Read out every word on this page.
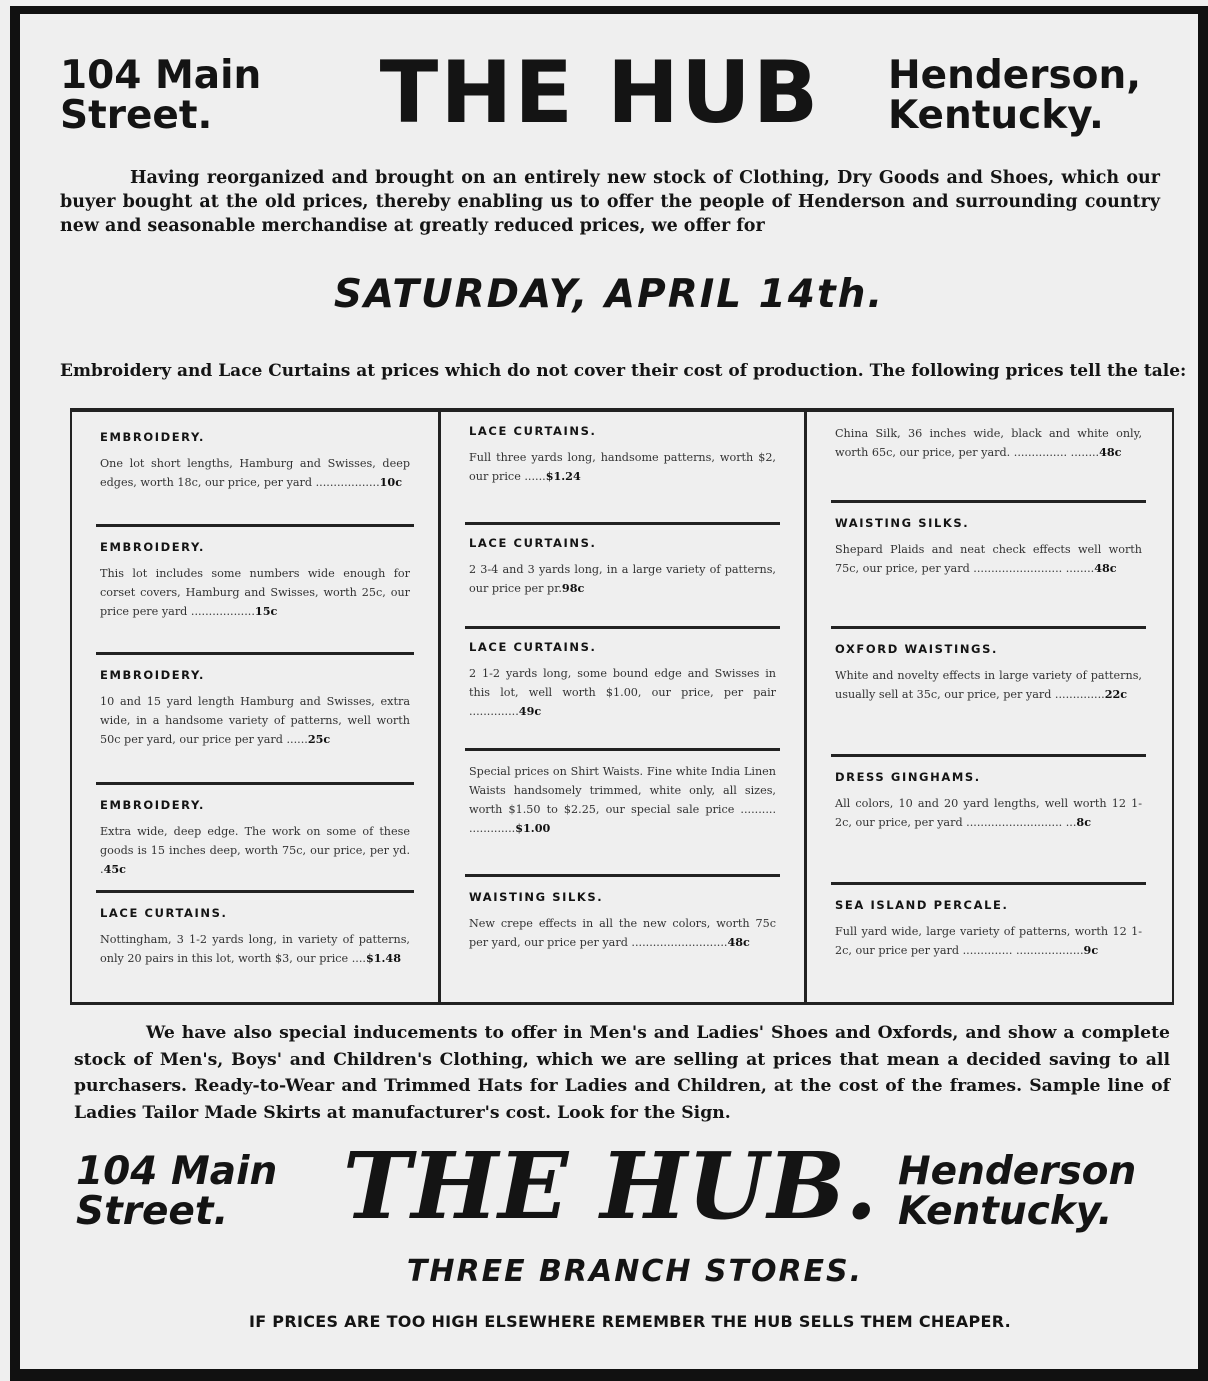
104 Main Street.	THE HUB	Henderson, Kentucky.
Having reorganized and brought on an entirely new stock of Clothing, Dry Goods and Shoes, which our buyer bought at the old prices, thereby enabling us to offer the people of Henderson and surrounding country new and seasonable merchandise at greatly reduced prices, we offer for
SATURDAY, APRIL 14th.
Embroidery and Lace Curtains at prices which do not cover their cost of production. The following prices tell the tale:
EMBROIDERY.
One lot short lengths, Hamburg and Swisses, deep edges, worth 18c, our price, per yard ..................10c
EMBROIDERY.
This lot includes some numbers wide enough for corset covers, Hamburg and Swisses, worth 25c, our price pere yard ..................15c
EMBROIDERY.
10 and 15 yard length Hamburg and Swisses, extra wide, in a handsome variety of patterns, well worth 50c per yard, our price per yard ......25c
EMBROIDERY.
Extra wide, deep edge. The work on some of these goods is 15 inches deep, worth 75c, our price, per yd. .45c
LACE CURTAINS.
Nottingham, 3 1-2 yards long, in variety of patterns, only 20 pairs in this lot, worth $3, our price ....$1.48
LACE CURTAINS.
Full three yards long, handsome patterns, worth $2, our price ......$1.24
LACE CURTAINS.
2 3-4 and 3 yards long, in a large variety of patterns, our price per pr.98c
LACE CURTAINS.
2 1-2 yards long, some bound edge and Swisses in this lot, well worth $1.00, our price, per pair ..............49c
Special prices on Shirt Waists. Fine white India Linen Waists handsomely trimmed, white only, all sizes, worth $1.50 to $2.25, our special sale price .......... .............$1.00
WAISTING SILKS.
New crepe effects in all the new colors, worth 75c per yard, our price per yard ...........................48c
China Silk, 36 inches wide, black and white only, worth 65c, our price, per yard. ............... ........48c
WAISTING SILKS.
Shepard Plaids and neat check effects well worth 75c, our price, per yard ......................... ........48c
OXFORD WAISTINGS.
White and novelty effects in large variety of patterns, usually sell at 35c, our price, per yard ..............22c
DRESS GINGHAMS.
All colors, 10 and 20 yard lengths, well worth 12 1-2c, our price, per yard ........................... ...8c
SEA ISLAND PERCALE.
Full yard wide, large variety of patterns, worth 12 1-2c, our price per yard .............. ...................9c
We have also special inducements to offer in Men's and Ladies' Shoes and Oxfords, and show a complete stock of Men's, Boys' and Children's Clothing, which we are selling at prices that mean a decided saving to all purchasers. Ready-to-Wear and Trimmed Hats for Ladies and Children, at the cost of the frames. Sample line of Ladies Tailor Made Skirts at manufacturer's cost. Look for the Sign.
104 Main Street.	THE HUB. Henderson Kentucky.
THREE BRANCH STORES.
IF PRICES ARE TOO HIGH ELSEWHERE REMEMBER THE HUB SELLS THEM CHEAPER.
